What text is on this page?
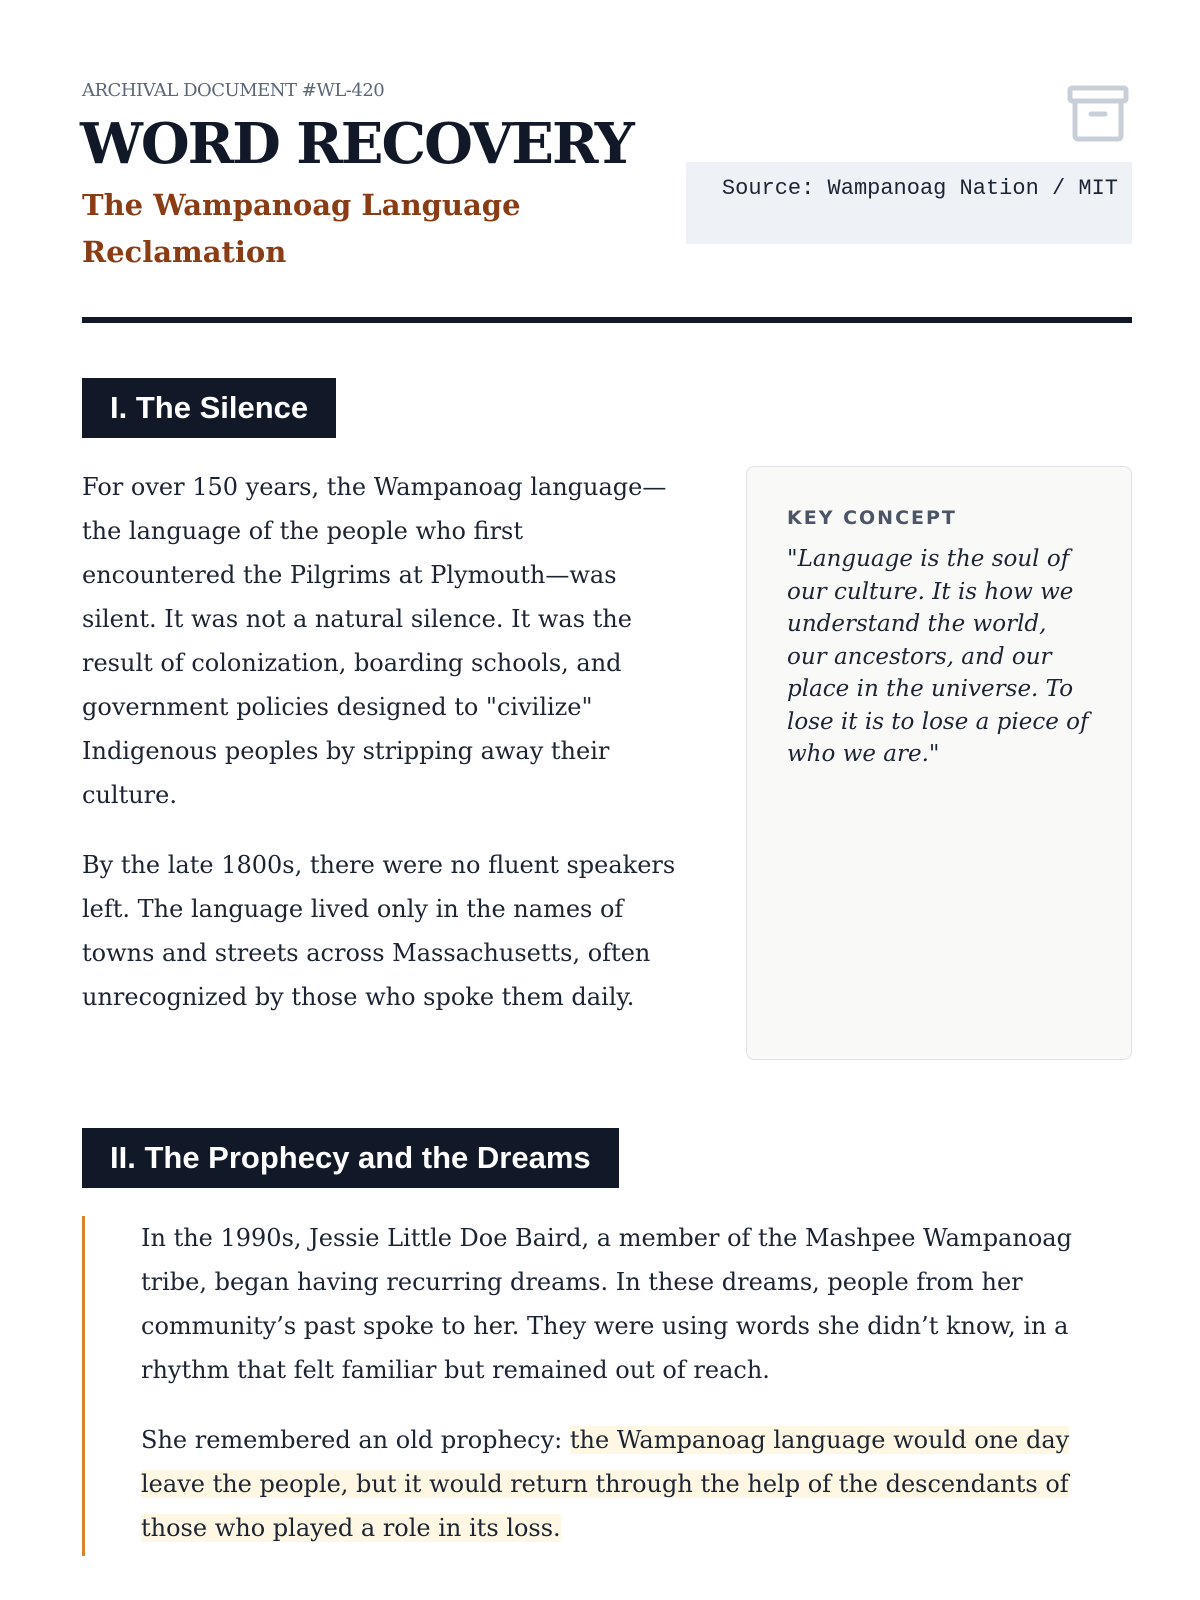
ARCHIVAL DOCUMENT #WL-420
WORD RECOVERY
The Wampanoag Language Reclamation
Source: Wampanoag Nation / MIT
I. The Silence

For over 150 years, the Wampanoag language—the language of the people who first encountered the Pilgrims at Plymouth—was silent. It was not a natural silence. It was the result of colonization, boarding schools, and government policies designed to "civilize" Indigenous peoples by stripping away their culture.

By the late 1800s, there were no fluent speakers left. The language lived only in the names of towns and streets across Massachusetts, often unrecognized by those who spoke them daily.

KEY CONCEPT

"Language is the soul of our culture. It is how we understand the world, our ancestors, and our place in the universe. To lose it is to lose a piece of who we are."

II. The Prophecy and the Dreams

In the 1990s, Jessie Little Doe Baird, a member of the Mashpee Wampanoag tribe, began having recurring dreams. In these dreams, people from her community’s past spoke to her. They were using words she didn’t know, in a rhythm that felt familiar but remained out of reach.

She remembered an old prophecy: the Wampanoag language would one day leave the people, but it would return through the help of the descendants of those who played a role in its loss.
